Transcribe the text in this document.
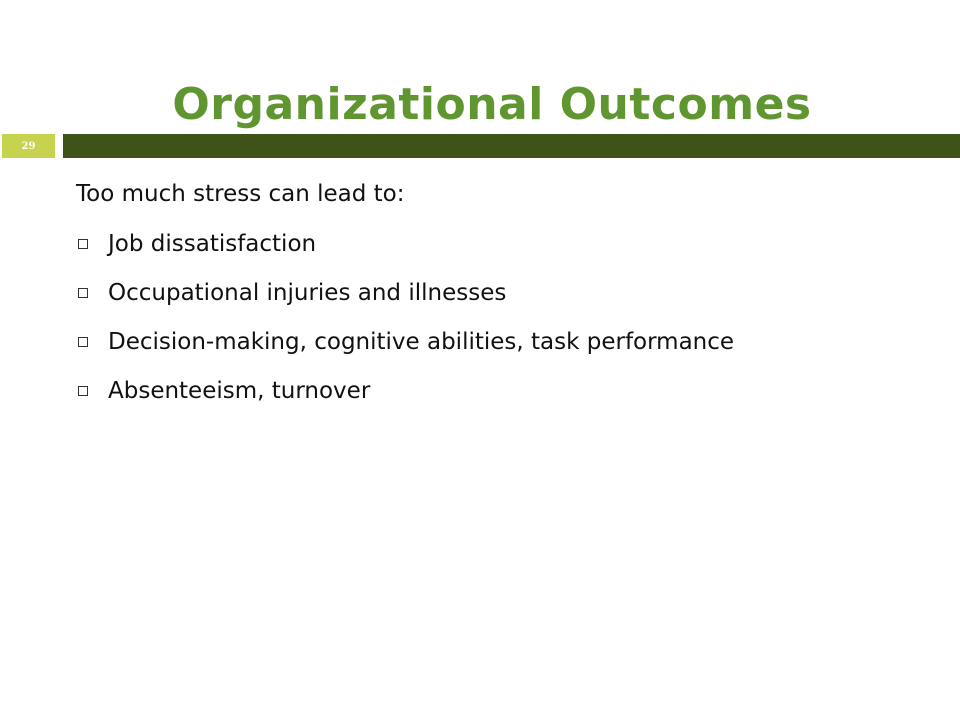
Organizational Outcomes
29

Too much stress can lead to:

Job dissatisfaction
Occupational injuries and illnesses
Decision-making, cognitive abilities, task performance
Absenteeism, turnover
